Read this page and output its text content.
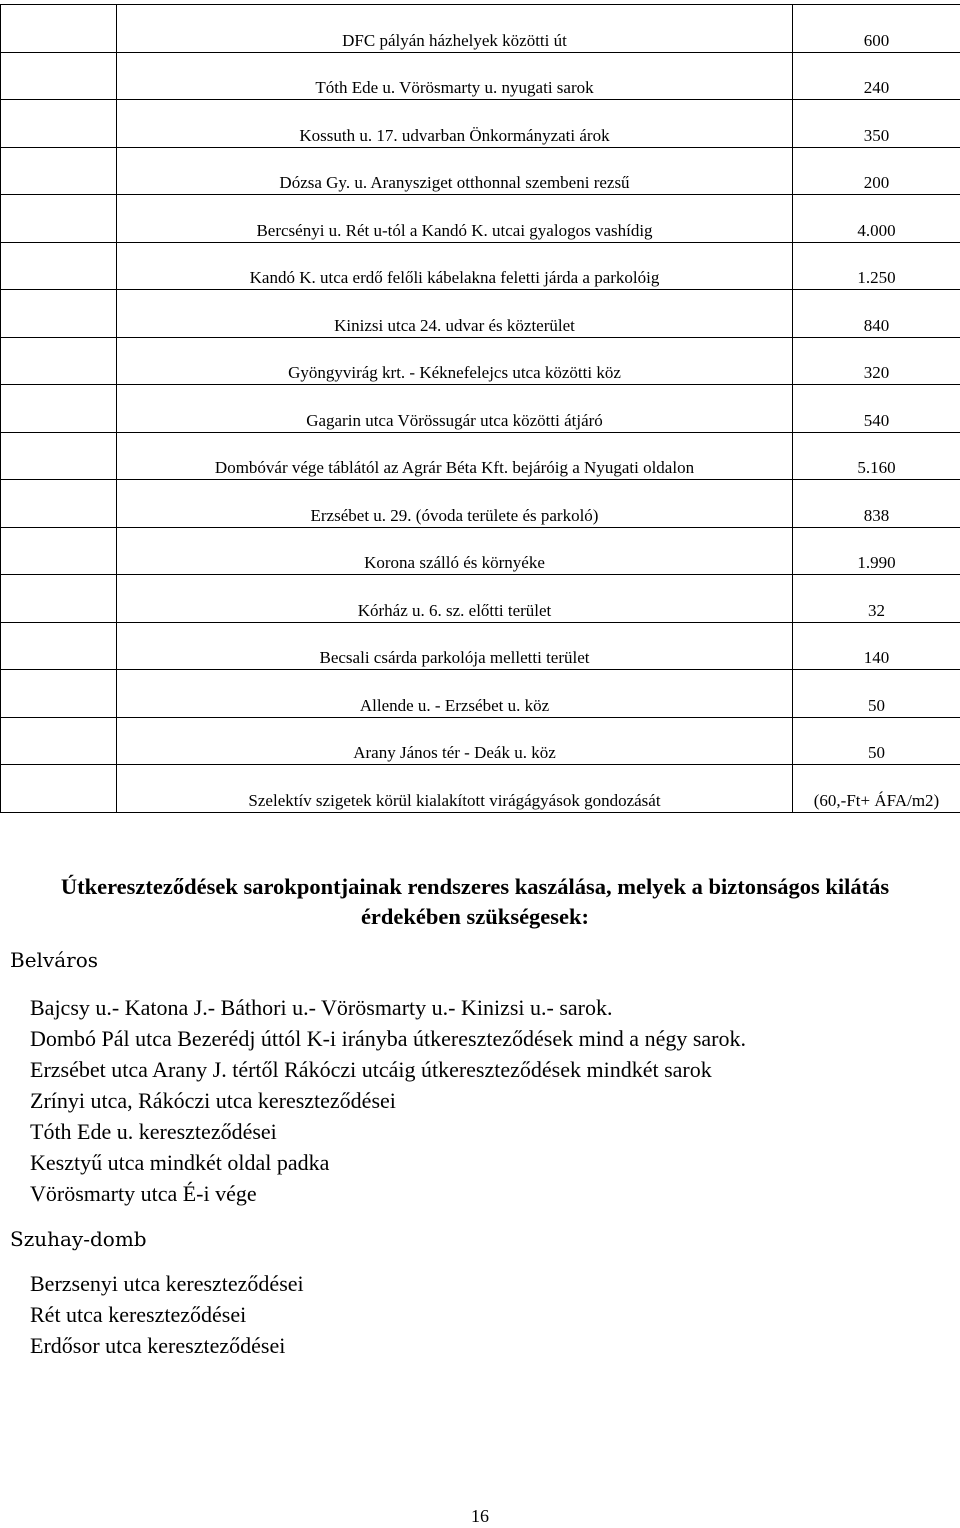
	DFC pályán házhelyek közötti út	600

	Tóth Ede u. Vörösmarty u. nyugati sarok	240

	Kossuth u. 17. udvarban Önkormányzati árok	350

	Dózsa Gy. u. Aranysziget otthonnal szembeni rezsű	200

	Bercsényi u. Rét u-tól a Kandó K. utcai gyalogos vashídig	4.000

	Kandó K. utca erdő felőli kábelakna feletti járda a parkolóig	1.250

	Kinizsi utca 24. udvar és közterület	840

	Gyöngyvirág krt. - Kéknefelejcs utca közötti köz	320

	Gagarin utca Vörössugár utca közötti átjáró	540

	Dombóvár vége táblától az Agrár Béta Kft. bejáróig a Nyugati oldalon	5.160

	Erzsébet u. 29. (óvoda területe és parkoló)	838

	Korona szálló és környéke	1.990

	Kórház u. 6. sz. előtti terület	32

	Becsali csárda parkolója melletti terület	140

	Allende u. - Erzsébet u. köz	50

	Arany János tér - Deák u. köz	50

	Szelektív szigetek körül kialakított virágágyások gondozását	(60,-Ft+ ÁFA/m2)
Útkereszteződések sarokpontjainak rendszeres kaszálása, melyek a biztonságos kilátás érdekében szükségesek:
Belváros
Bajcsy u.- Katona J.- Báthori u.- Vörösmarty u.- Kinizsi u.- sarok.
Dombó Pál utca Bezerédj úttól K-i irányba útkereszteződések mind a négy sarok.
Erzsébet utca Arany J. tértől Rákóczi utcáig útkereszteződések mindkét sarok
Zrínyi utca, Rákóczi utca kereszteződései
Tóth Ede u. kereszteződései
Kesztyű utca mindkét oldal padka
Vörösmarty utca É-i vége
Szuhay-domb
Berzsenyi utca kereszteződései
Rét utca kereszteződései
Erdősor utca kereszteződései
16
